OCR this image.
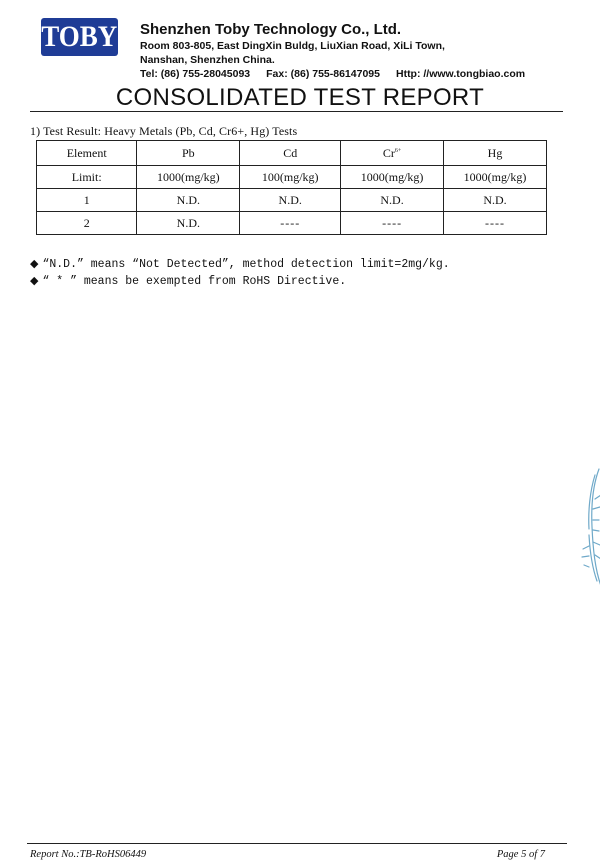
TOBY Shenzhen Toby Technology Co., Ltd.

Room 803-805, East DingXin Buldg, LiuXian Road, XiLi Town,

Nanshan, Shenzhen China.

Tel: (86) 755-28045093 Fax: (86) 755-86147095 Http: //www.tongbiao.com

CONSOLIDATED TEST REPORT

1) Test Result: Heavy Metals (Pb, Cd, Cr6+, Hg) Tests

Element	Pb	Cd	$Cr^{6+}$	Hg
Limit:	1000(mg/kg)	100(mg/kg)	1000(mg/kg)	1000(mg/kg)
1	N.D.	N.D.	N.D.	N.D.
2	N.D.	----	----	----

◆ “N.D.” means “Not Detected”, method detection limit=2mg/kg.

◆ “ * ” means be exempted from RoHS Directive.

Report No.:TB-RoHS06449	Page 5 of 7
